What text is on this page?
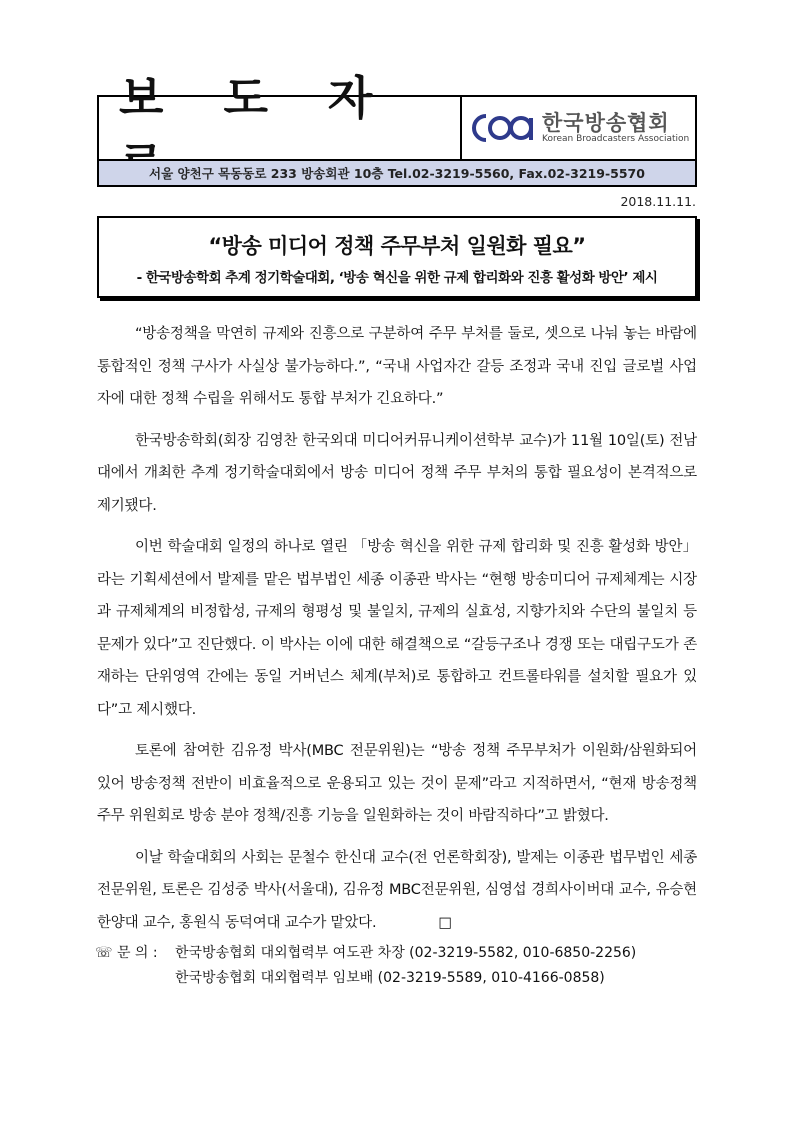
보 도 자	한국방송협회
Korean Broadcasters Association
서울 양천구 목동동로 233 방송회관 10층 Tel.02-3219-5560, Fax.02-3219-5570
2018.11.11.
“방송 미디어 정책 주무부처 일원화 필요”
- 한국방송학회 추계 정기학술대회, ‘방송 혁신을 위한 규제 합리화와 진흥 활성화 방안’ 제시

“방송정책을 막연히 규제와 진흥으로 구분하여 주무 부처를 둘로, 셋으로 나눠 놓는 바람에 통합적인 정책 구사가 사실상 불가능하다.”, “국내 사업자간 갈등 조정과 국내 진입 글로벌 사업자에 대한 정책 수립을 위해서도 통합 부처가 긴요하다.”

한국방송학회(회장 김영찬 한국외대 미디어커뮤니케이션학부 교수)가 11월 10일(토) 전남대에서 개최한 추계 정기학술대회에서 방송 미디어 정책 주무 부처의 통합 필요성이 본격적으로 제기됐다.

이번 학술대회 일정의 하나로 열린 「방송 혁신을 위한 규제 합리화 및 진흥 활성화 방안」라는 기획세션에서 발제를 맡은 법부법인 세종 이종관 박사는 “현행 방송미디어 규제체계는 시장과 규제체계의 비정합성, 규제의 형평성 및 불일치, 규제의 실효성, 지향가치와 수단의 불일치 등 문제가 있다”고 진단했다. 이 박사는 이에 대한 해결책으로 “갈등구조나 경쟁 또는 대립구도가 존재하는 단위영역 간에는 동일 거버넌스 체계(부처)로 통합하고 컨트롤타워를 설치할 필요가 있다”고 제시했다.

토론에 참여한 김유정 박사(MBC 전문위원)는 “방송 정책 주무부처가 이원화/삼원화되어 있어 방송정책 전반이 비효율적으로 운용되고 있는 것이 문제”라고 지적하면서, “현재 방송정책 주무 위원회로 방송 분야 정책/진흥 기능을 일원화하는 것이 바람직하다”고 밝혔다.

이날 학술대회의 사회는 문철수 한신대 교수(전 언론학회장), 발제는 이종관 법무법인 세종 전문위원, 토론은 김성중 박사(서울대), 김유정 MBC전문위원, 심영섭 경희사이버대 교수, 유승현 한양대 교수, 홍원식 동덕여대 교수가 맡았다.	□

☏ 문 의 :	한국방송협회 대외협력부 여도관 차장 (02-3219-5582, 010-6850-2256)
한국방송협회 대외협력부 임보배 (02-3219-5589, 010-4166-0858)
